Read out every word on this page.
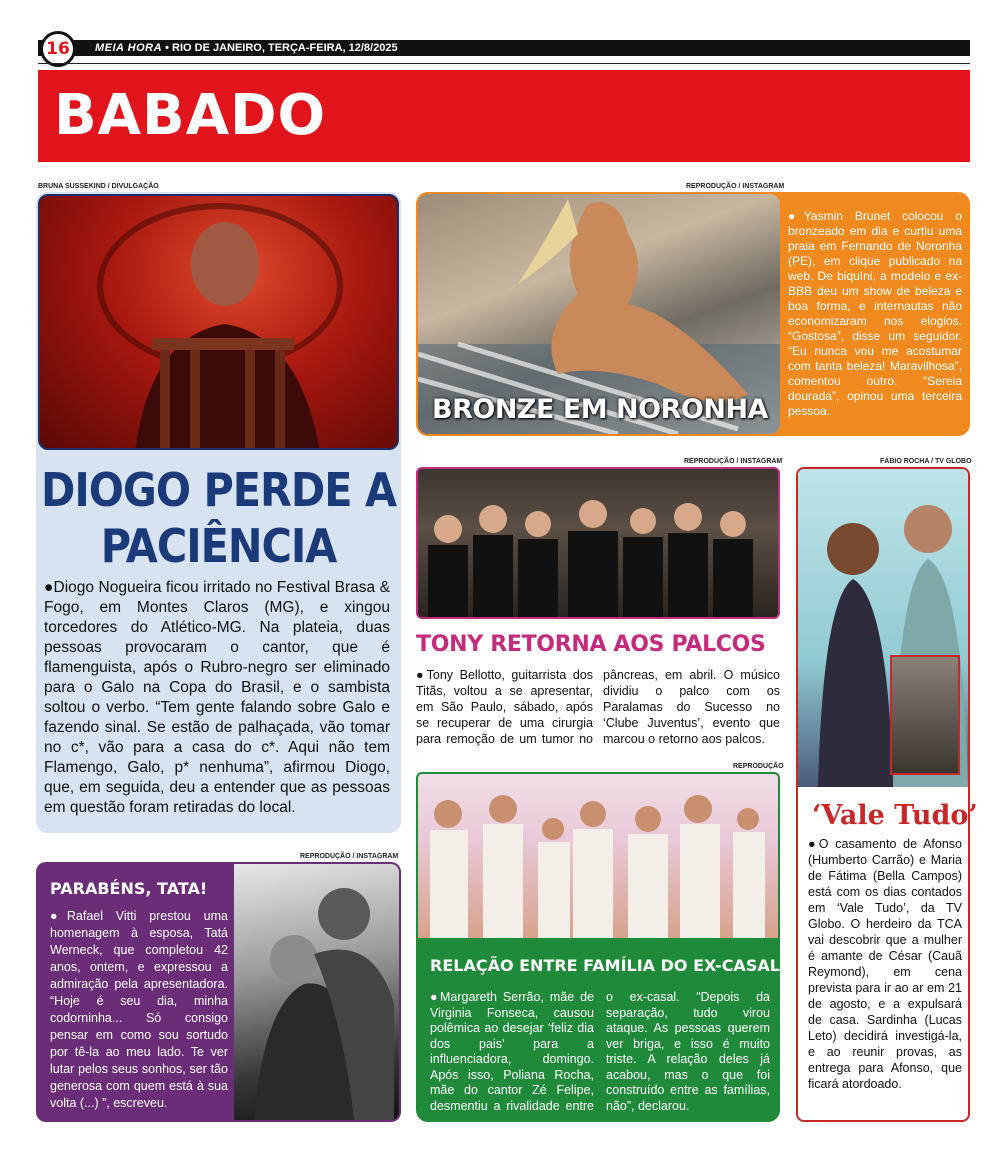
16	MEIA HORA • RIO DE JANEIRO, TERÇA-FEIRA, 12/8/2025
BABADO
BRUNA SUSSEKIND / DIVULGAÇÃO
DIOGO PERDE A PACIÊNCIA
●Diogo Nogueira ficou irritado no Festival Brasa & Fogo, em Montes Claros (MG), e xingou torcedores do Atlético-MG. Na plateia, duas pessoas provocaram o cantor, que é flamenguista, após o Rubro-negro ser eliminado para o Galo na Copa do Brasil, e o sambista soltou o verbo. “Tem gente falando sobre Galo e fazendo sinal. Se estão de palhaçada, vão tomar no c*, vão para a casa do c*. Aqui não tem Flamengo, Galo, p* nenhuma”, afirmou Diogo, que, em seguida, deu a entender que as pessoas em questão foram retiradas do local.
REPRODUÇÃO / INSTAGRAM
BRONZE EM NORONHA
●Yasmin Brunet colocou o bronzeado em dia e curtiu uma praia em Fernando de Noronha (PE), em clique publicado na web. De biquíni, a modelo e ex-BBB deu um show de beleza e boa forma, e internautas não economizaram nos elogios. “Gostosa”, disse um seguidor. “Eu nunca vou me acostumar com tanta beleza! Maravilhosa”, comentou outro. “Sereia dourada”, opinou uma terceira pessoa.
REPRODUÇÃO / INSTAGRAM
TONY RETORNA AOS PALCOS
●Tony Bellotto, guitarrista dos Titãs, voltou a se apresentar, em São Paulo, sábado, após se recuperar de uma cirurgia para remoção de um tumor no pâncreas, em abril. O músico dividiu o palco com os Paralamas do Sucesso no ‘Clube Juventus’, evento que marcou o retorno aos palcos.
FÁBIO ROCHA / TV GLOBO
‘Vale Tudo’
●O casamento de Afonso (Humberto Carrão) e Maria de Fátima (Bella Campos) está com os dias contados em ‘Vale Tudo’, da TV Globo. O herdeiro da TCA vai descobrir que a mulher é amante de César (Cauã Reymond), em cena prevista para ir ao ar em 21 de agosto, e a expulsará de casa. Sardinha (Lucas Leto) decidirá investigá-la, e ao reunir provas, as entrega para Afonso, que ficará atordoado.
REPRODUÇÃO
RELAÇÃO ENTRE FAMÍLIA DO EX-CASAL
●Margareth Serrão, mãe de Virginia Fonseca, causou polêmica ao desejar ‘feliz dia dos pais’ para a influenciadora, domingo. Após isso, Poliana Rocha, mãe do cantor Zé Felipe, desmentiu a rivalidade entre o ex-casal. “Depois da separação, tudo virou ataque. As pessoas querem ver briga, e isso é muito triste. A relação deles já acabou, mas o que foi construído entre as famílias, não”, declarou.
REPRODUÇÃO / INSTAGRAM
PARABÉNS, TATA!
●Rafael Vitti prestou uma homenagem à esposa, Tatá Werneck, que completou 42 anos, ontem, e expressou a admiração pela apresentadora. “Hoje é seu dia, minha codorninha... Só consigo pensar em como sou sortudo por tê-la ao meu lado. Te ver lutar pelos seus sonhos, ser tão generosa com quem está à sua volta (...) ”, escreveu.
